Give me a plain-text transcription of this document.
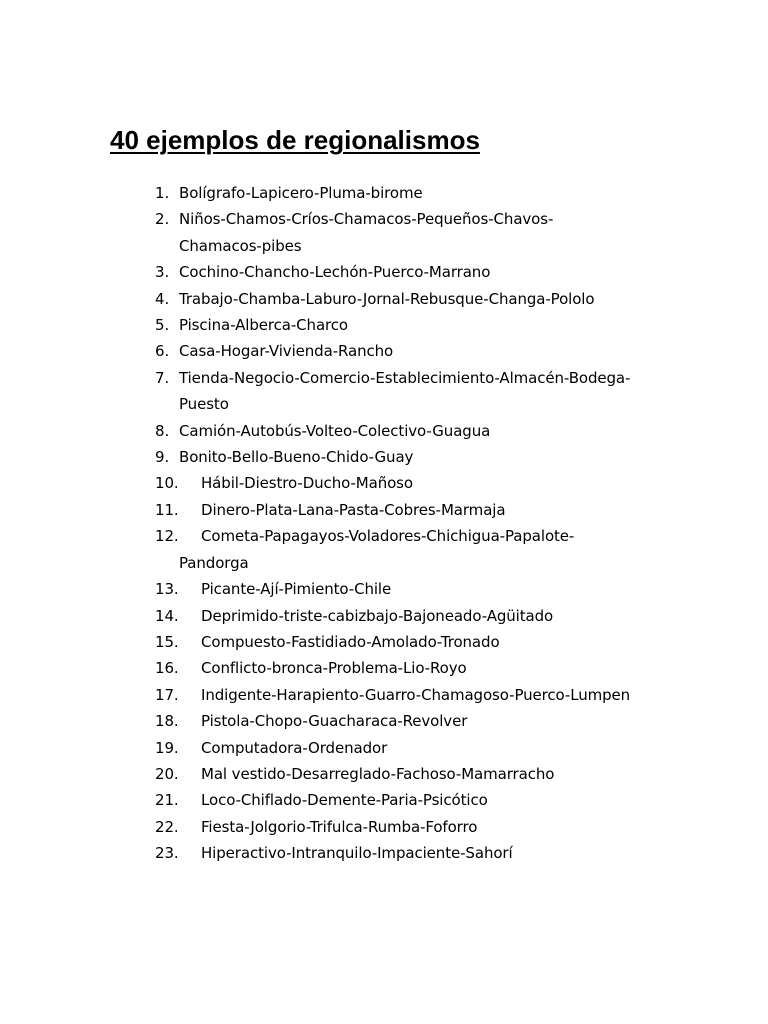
40 ejemplos de regionalismos
1. Bolígrafo-Lapicero-Pluma-birome
2. Niños-Chamos-Críos-Chamacos-Pequeños-Chavos-Chamacos-pibes
3. Cochino-Chancho-Lechón-Puerco-Marrano
4. Trabajo-Chamba-Laburo-Jornal-Rebusque-Changa-Pololo
5. Piscina-Alberca-Charco
6. Casa-Hogar-Vivienda-Rancho
7. Tienda-Negocio-Comercio-Establecimiento-Almacén-Bodega-Puesto
8. Camión-Autobús-Volteo-Colectivo-Guagua
9. Bonito-Bello-Bueno-Chido-Guay
10.	Hábil-Diestro-Ducho-Mañoso
11.	Dinero-Plata-Lana-Pasta-Cobres-Marmaja
12.	Cometa-Papagayos-Voladores-Chichigua-Papalote-Pandorga
13.	Picante-Ají-Pimiento-Chile
14.	Deprimido-triste-cabizbajo-Bajoneado-Agüitado
15.	Compuesto-Fastidiado-Amolado-Tronado
16.	Conflicto-bronca-Problema-Lio-Royo
17.	Indigente-Harapiento-Guarro-Chamagoso-Puerco-Lumpen
18.	Pistola-Chopo-Guacharaca-Revolver
19.	Computadora-Ordenador
20.	Mal vestido-Desarreglado-Fachoso-Mamarracho
21.	Loco-Chiflado-Demente-Paria-Psicótico
22.	Fiesta-Jolgorio-Trifulca-Rumba-Foforro
23.	Hiperactivo-Intranquilo-Impaciente-Sahorí
